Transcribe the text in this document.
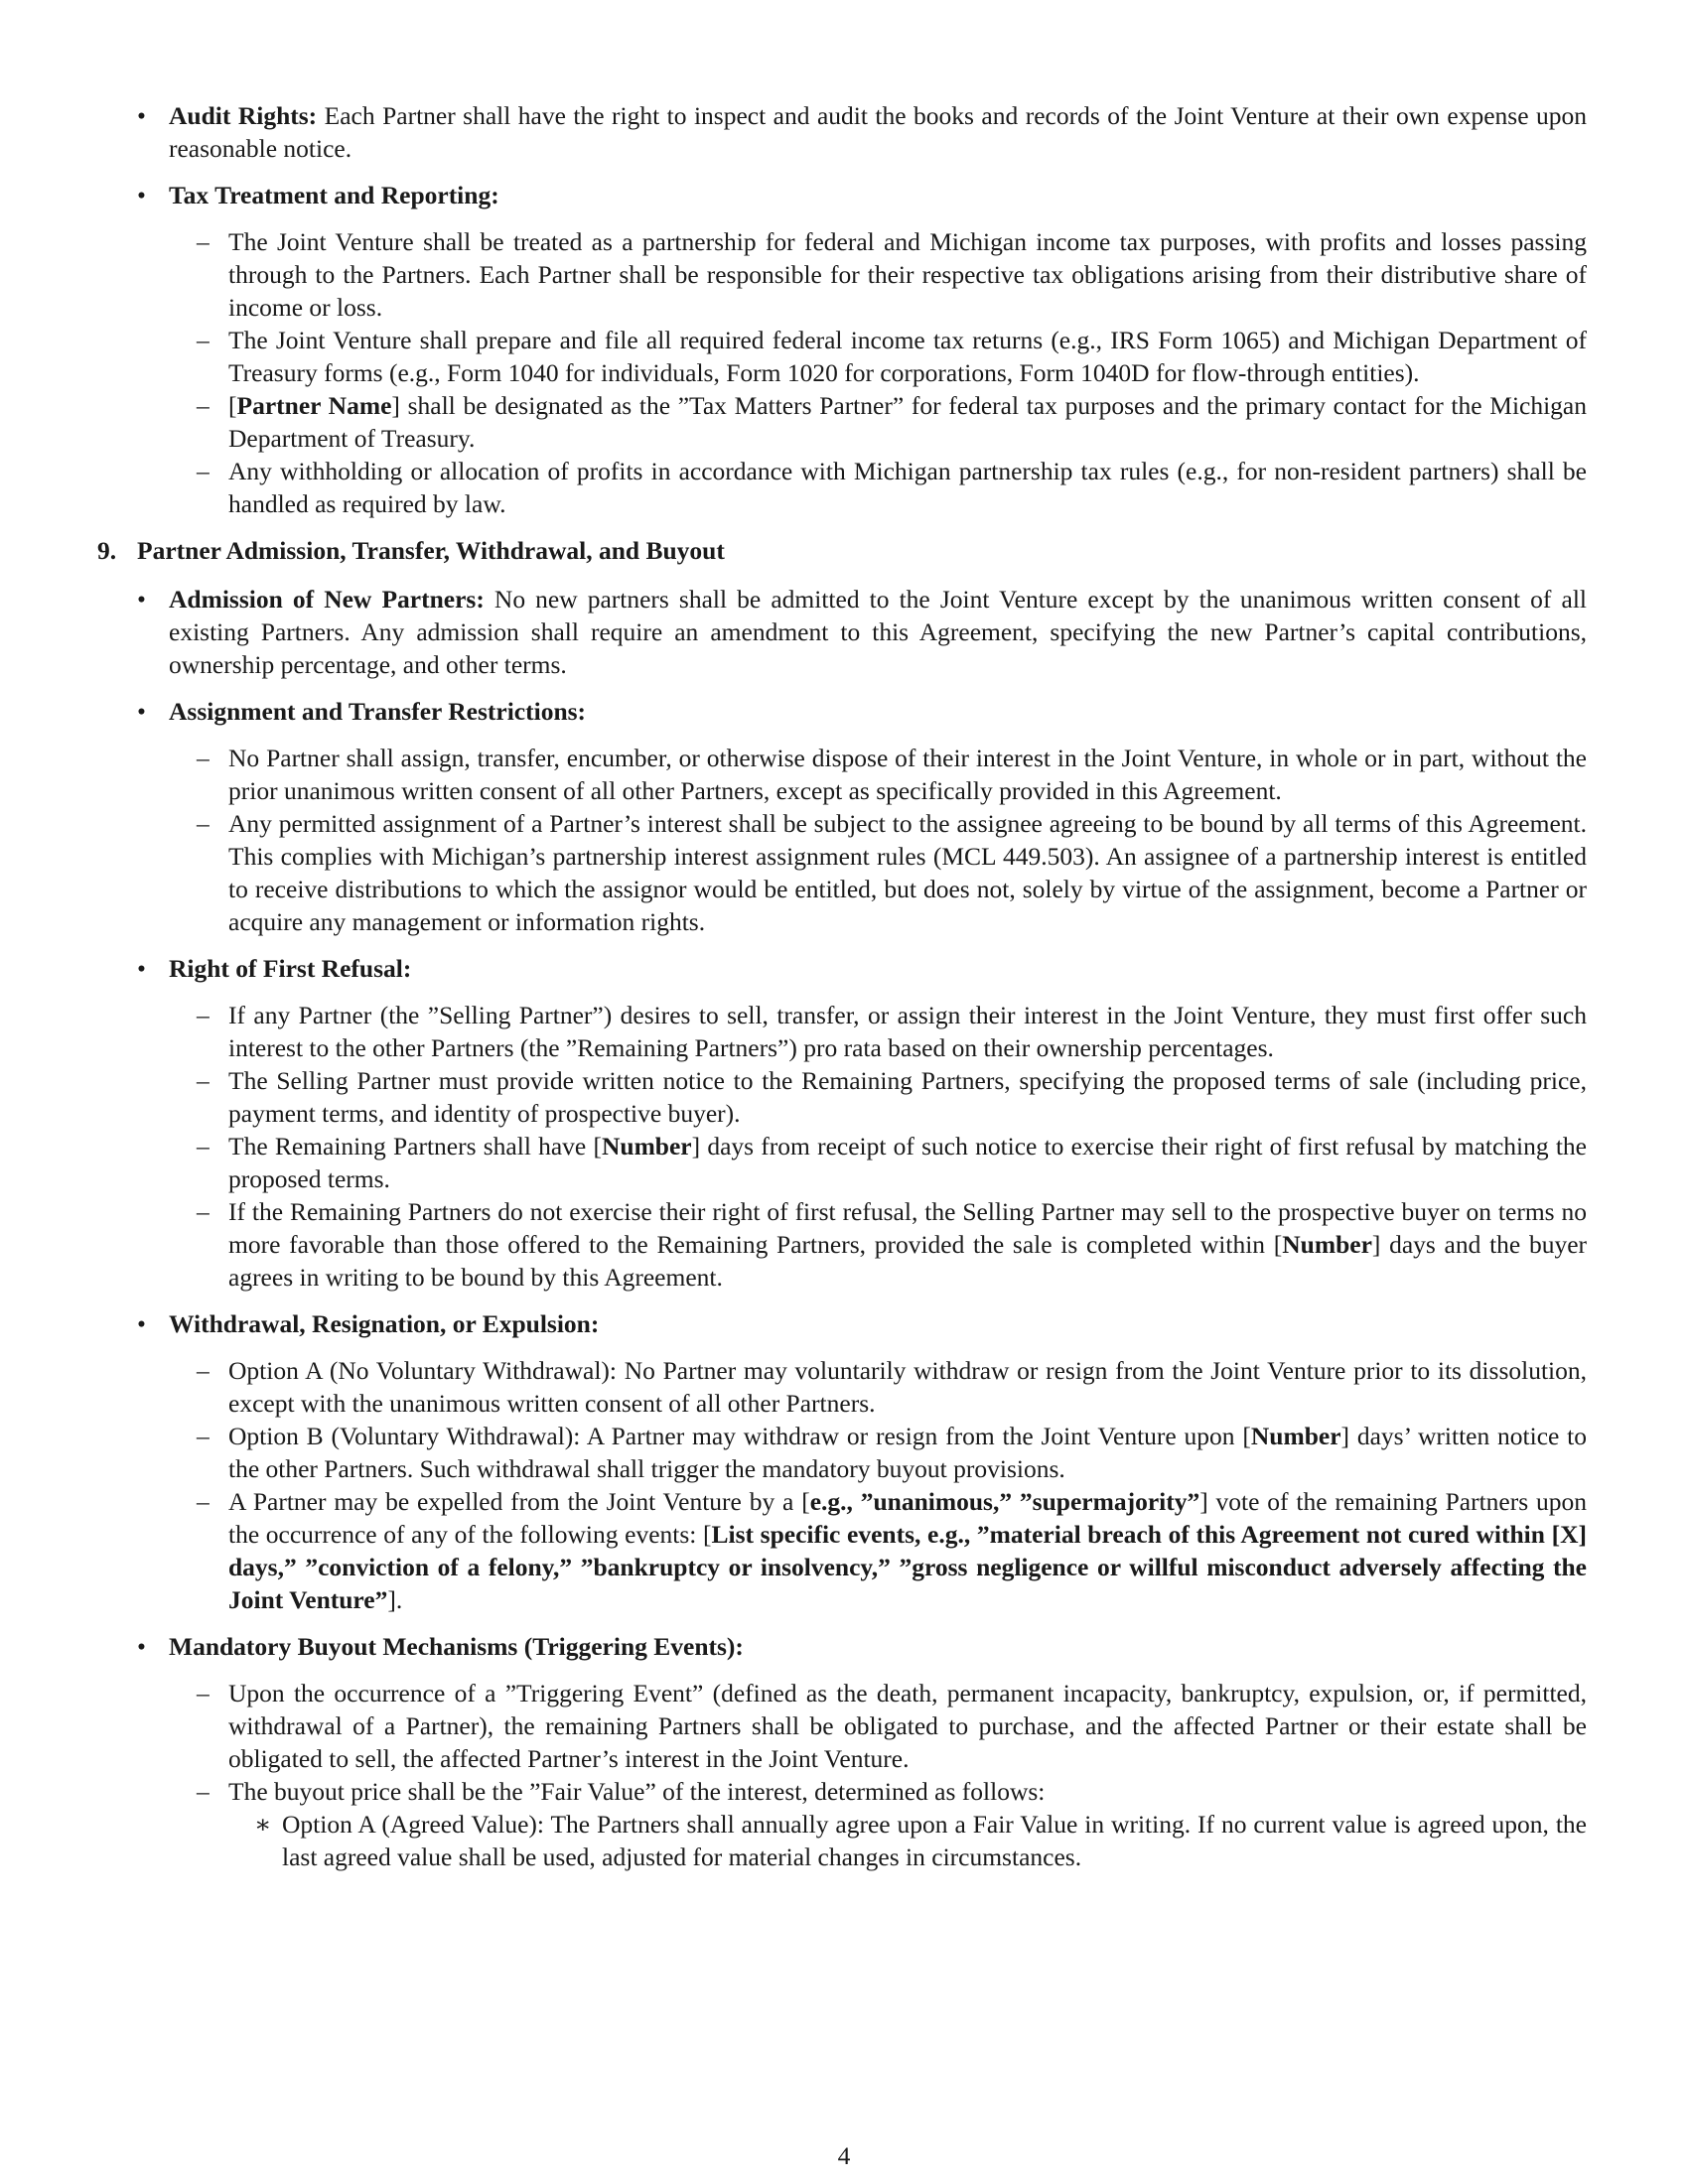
• Audit Rights: Each Partner shall have the right to inspect and audit the books and records of the Joint Venture at their own expense upon reasonable notice.
• Tax Treatment and Reporting:
– The Joint Venture shall be treated as a partnership for federal and Michigan income tax purposes, with profits and losses passing through to the Partners. Each Partner shall be responsible for their respective tax obligations arising from their distributive share of income or loss.
– The Joint Venture shall prepare and file all required federal income tax returns (e.g., IRS Form 1065) and Michigan Department of Treasury forms (e.g., Form 1040 for individuals, Form 1020 for corporations, Form 1040D for flow-through entities).
– [Partner Name] shall be designated as the ”Tax Matters Partner” for federal tax purposes and the primary contact for the Michigan Department of Treasury.
– Any withholding or allocation of profits in accordance with Michigan partnership tax rules (e.g., for non-resident partners) shall be handled as required by law.
9. Partner Admission, Transfer, Withdrawal, and Buyout
• Admission of New Partners: No new partners shall be admitted to the Joint Venture except by the unanimous written consent of all existing Partners. Any admission shall require an amendment to this Agreement, specifying the new Partner’s capital contributions, ownership percentage, and other terms.
• Assignment and Transfer Restrictions:
– No Partner shall assign, transfer, encumber, or otherwise dispose of their interest in the Joint Venture, in whole or in part, without the prior unanimous written consent of all other Partners, except as specifically provided in this Agreement.
– Any permitted assignment of a Partner’s interest shall be subject to the assignee agreeing to be bound by all terms of this Agreement. This complies with Michigan’s partnership interest assignment rules (MCL 449.503). An assignee of a partnership interest is entitled to receive distributions to which the assignor would be entitled, but does not, solely by virtue of the assignment, become a Partner or acquire any management or information rights.
• Right of First Refusal:
– If any Partner (the ”Selling Partner”) desires to sell, transfer, or assign their interest in the Joint Venture, they must first offer such interest to the other Partners (the ”Remaining Partners”) pro rata based on their ownership percentages.
– The Selling Partner must provide written notice to the Remaining Partners, specifying the proposed terms of sale (including price, payment terms, and identity of prospective buyer).
– The Remaining Partners shall have [Number] days from receipt of such notice to exercise their right of first refusal by matching the proposed terms.
– If the Remaining Partners do not exercise their right of first refusal, the Selling Partner may sell to the prospective buyer on terms no more favorable than those offered to the Remaining Partners, provided the sale is completed within [Number] days and the buyer agrees in writing to be bound by this Agreement.
• Withdrawal, Resignation, or Expulsion:
– Option A (No Voluntary Withdrawal): No Partner may voluntarily withdraw or resign from the Joint Venture prior to its dissolution, except with the unanimous written consent of all other Partners.
– Option B (Voluntary Withdrawal): A Partner may withdraw or resign from the Joint Venture upon [Number] days’ written notice to the other Partners. Such withdrawal shall trigger the mandatory buyout provisions.
– A Partner may be expelled from the Joint Venture by a [e.g., ”unanimous,” ”supermajority”] vote of the remaining Partners upon the occurrence of any of the following events: [List specific events, e.g., ”material breach of this Agreement not cured within [X] days,” ”conviction of a felony,” ”bankruptcy or insolvency,” ”gross negligence or willful misconduct adversely affecting the Joint Venture”].
• Mandatory Buyout Mechanisms (Triggering Events):
– Upon the occurrence of a ”Triggering Event” (defined as the death, permanent incapacity, bankruptcy, expulsion, or, if permitted, withdrawal of a Partner), the remaining Partners shall be obligated to purchase, and the affected Partner or their estate shall be obligated to sell, the affected Partner’s interest in the Joint Venture.
– The buyout price shall be the ”Fair Value” of the interest, determined as follows:
∗ Option A (Agreed Value): The Partners shall annually agree upon a Fair Value in writing. If no current value is agreed upon, the last agreed value shall be used, adjusted for material changes in circumstances.
4
